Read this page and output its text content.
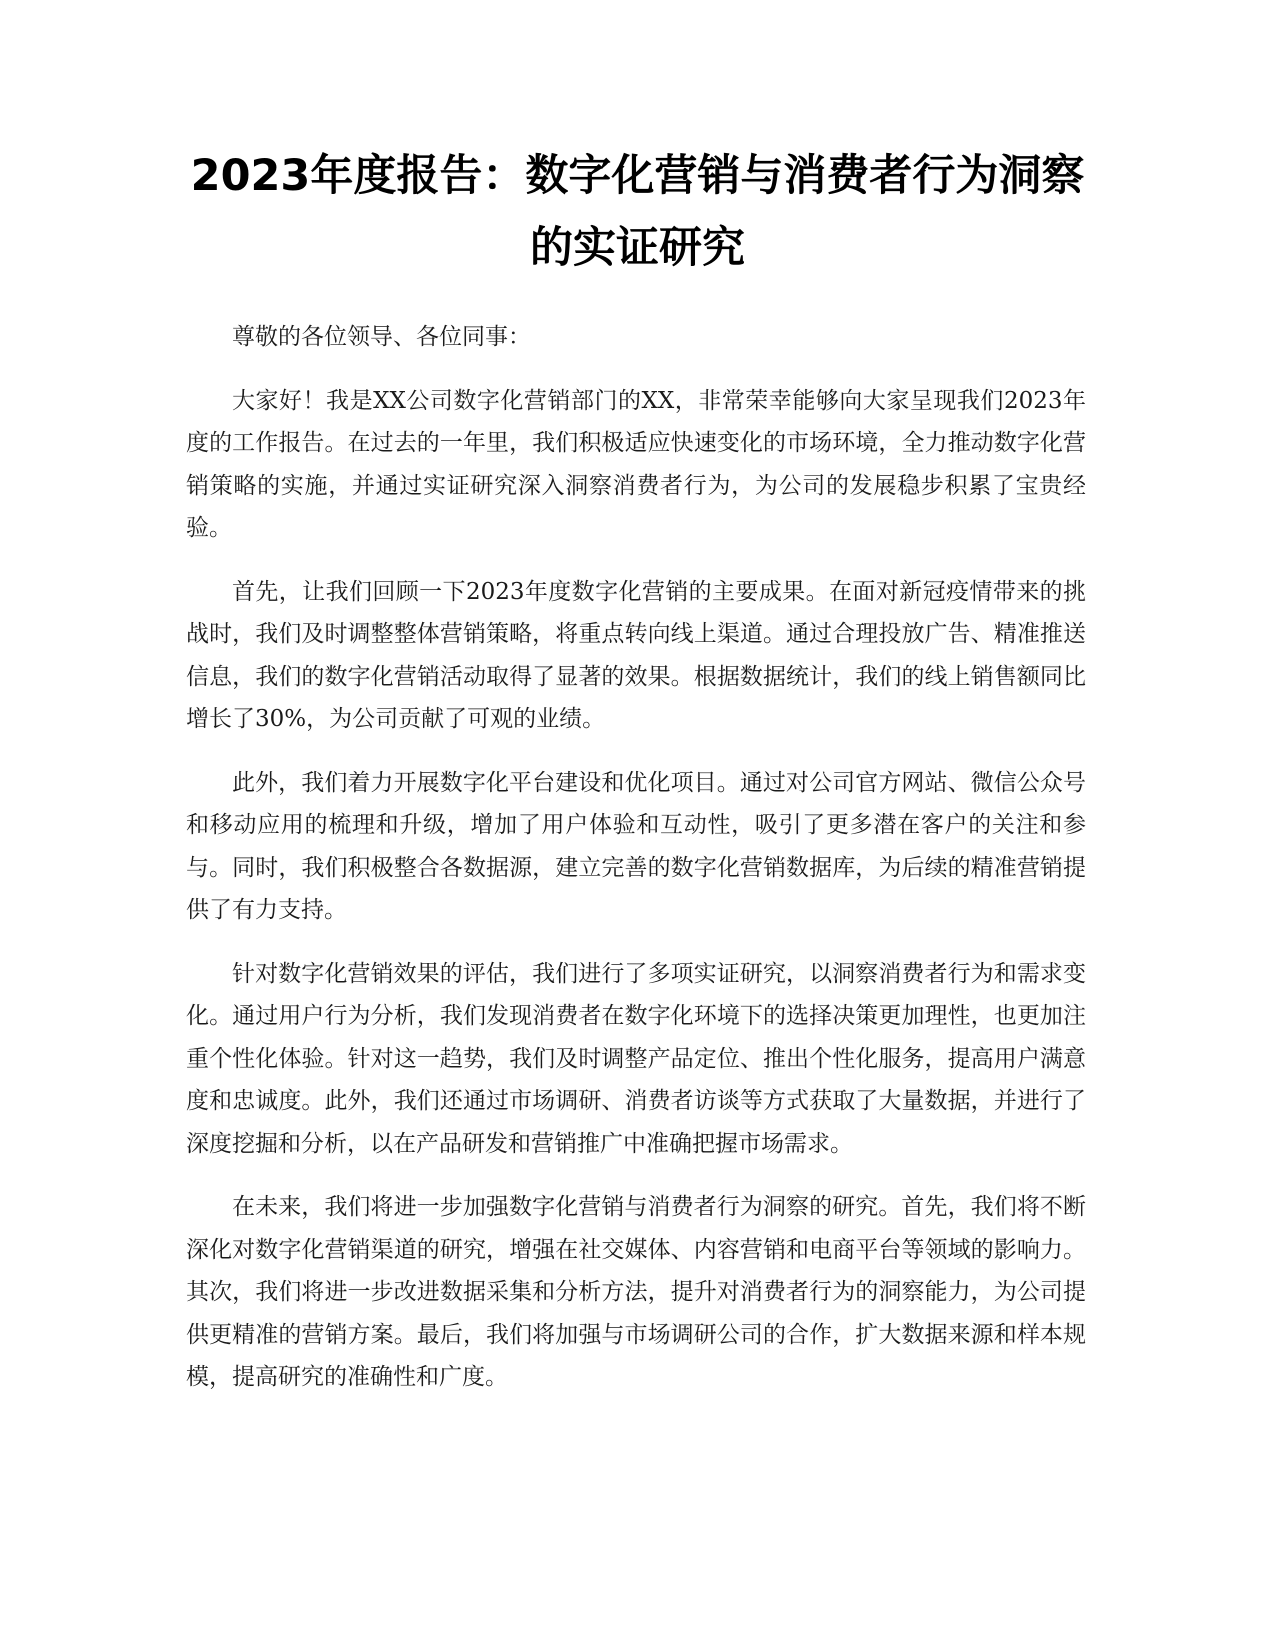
2023年度报告：数字化营销与消费者行为洞察的实证研究

尊敬的各位领导、各位同事：

大家好！我是XX公司数字化营销部门的XX，非常荣幸能够向大家呈现我们2023年度的工作报告。在过去的一年里，我们积极适应快速变化的市场环境，全力推动数字化营销策略的实施，并通过实证研究深入洞察消费者行为，为公司的发展稳步积累了宝贵经验。

首先，让我们回顾一下2023年度数字化营销的主要成果。在面对新冠疫情带来的挑战时，我们及时调整整体营销策略，将重点转向线上渠道。通过合理投放广告、精准推送信息，我们的数字化营销活动取得了显著的效果。根据数据统计，我们的线上销售额同比增长了30%，为公司贡献了可观的业绩。

此外，我们着力开展数字化平台建设和优化项目。通过对公司官方网站、微信公众号和移动应用的梳理和升级，增加了用户体验和互动性，吸引了更多潜在客户的关注和参与。同时，我们积极整合各数据源，建立完善的数字化营销数据库，为后续的精准营销提供了有力支持。

针对数字化营销效果的评估，我们进行了多项实证研究，以洞察消费者行为和需求变化。通过用户行为分析，我们发现消费者在数字化环境下的选择决策更加理性，也更加注重个性化体验。针对这一趋势，我们及时调整产品定位、推出个性化服务，提高用户满意度和忠诚度。此外，我们还通过市场调研、消费者访谈等方式获取了大量数据，并进行了深度挖掘和分析，以在产品研发和营销推广中准确把握市场需求。

在未来，我们将进一步加强数字化营销与消费者行为洞察的研究。首先，我们将不断深化对数字化营销渠道的研究，增强在社交媒体、内容营销和电商平台等领域的影响力。其次，我们将进一步改进数据采集和分析方法，提升对消费者行为的洞察能力，为公司提供更精准的营销方案。最后，我们将加强与市场调研公司的合作，扩大数据来源和样本规模，提高研究的准确性和广度。
